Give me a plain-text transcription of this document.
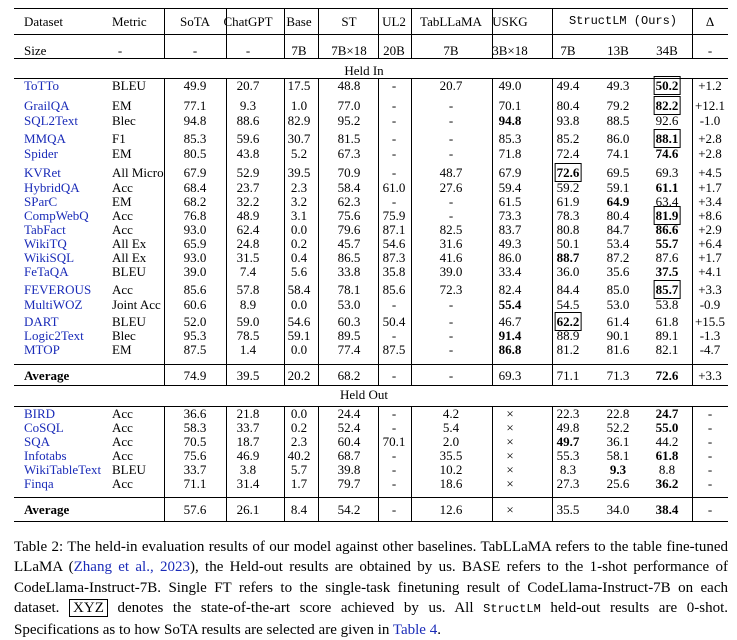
Dataset	Metric	SoTA ChatGPT Base ST UL2 TabLLaMA USKG	StructLM (Ours) Δ
Size	-	-	-	7B 7B×18 20B	7B	3B×18	7B 13B 34B -
Held In
Held Out
ToTTo	BLEU	49.9 20.7 17.5 48.8 -	20.7	49.0	49.4 49.3 50.2 +1.2
GrailQA	EM	77.1	9.3	1.0 77.0 -	-	70.1	80.4 79.2 82.2 +12.1
SQL2Text	Blec	94.8 88.6 82.9 95.2 -	-	94.8	93.8 88.5 92.6 -1.0
MMQA	F1	85.3 59.6 30.7 81.5 -	-	85.3	85.2 86.0 88.1 +2.8
Spider	EM	80.5 43.8 5.2 67.3 -	-	71.8	72.4 74.1 74.6 +2.8
KVRet	All Micro 67.9 52.9 39.5 70.9 -	48.7	67.9	72.6 69.5 69.3 +4.5
HybridQA Acc	68.4 23.7 2.3 58.4 61.0	27.6	59.4	59.2 59.1 61.1 +1.7
SParC	EM	68.2 32.2 3.2 62.3 -	-	61.5	61.9 64.9 63.4 +3.4
CompWebQ Acc	76.8 48.9 3.1 75.6 75.9	-	73.3	78.3 80.4 81.9 +8.6
TabFact	Acc	93.0 62.4 0.0 79.6 87.1	82.5	83.7	80.8 84.7 86.6 +2.9
WikiTQ	All Ex	65.9 24.8 0.2 45.7 54.6	31.6	49.3	50.1 53.4 55.7 +6.4
WikiSQL	All Ex	93.0 31.5 0.4 86.5 87.3	41.6	86.0	88.7 87.2 87.6 +1.7
FeTaQA	BLEU	39.0	7.4	5.6 33.8 35.8	39.0	33.4	36.0 35.6 37.5 +4.1
FEVEROUS Acc	85.6 57.8 58.4 78.1 85.6	72.3	82.4	84.4 85.0 85.7 +3.3
MultiWOZ Joint Acc 60.6	8.9	0.0 53.0 -	-	55.4	54.5 53.0 53.8 -0.9
DART	BLEU	52.0 59.0 54.6 60.3 50.4	-	46.7	62.2 61.4 61.8 +15.5
Logic2Text Blec	95.3 78.5 59.1 89.5 -	-	91.4	88.9 90.1 89.1 -1.3
MTOP	EM	87.5	1.4	0.0 77.4 87.5	-	86.8	81.2 81.6 82.1 -4.7
Average	74.9 39.5 20.2 68.2 -	-	69.3	71.1 71.3 72.6 +3.3
BIRD	Acc	36.6 21.8 0.0 24.4 -	4.2	×	22.3 22.8 24.7 -
CoSQL	Acc	58.3 33.7 0.2 52.4 -	5.4	×	49.8 52.2 55.0 -
SQA	Acc	70.5 18.7 2.3 60.4 70.1	2.0	×	49.7 36.1 44.2 -
Infotabs	Acc	75.6 46.9 40.2 68.7 -	35.5	×	55.3 58.1 61.8 -
WikiTableText BLEU	33.7	3.8	5.7 39.8 -	10.2	×	8.3	9.3	8.8	-
Finqa	Acc	71.1 31.4 1.7 79.7 -	18.6	×	27.3 25.6 36.2 -
Average	57.6 26.1 8.4 54.2 -	12.6	×	35.5 34.0 38.4 -
Table 2: The held-in evaluation results of our model against other baselines. TabLLaMA refers to the table fine-tuned LLaMA (Zhang et al., 2023), the Held-out results are obtained by us. BASE refers to the 1-shot performance of CodeLlama-Instruct-7B. Single FT refers to the single-task finetuning result of CodeLlama-Instruct-7B on each dataset. XYZ denotes the state-of-the-art score achieved by us. All StructLM held-out results are 0-shot. Specifications as to how SoTA results are selected are given in Table 4.
